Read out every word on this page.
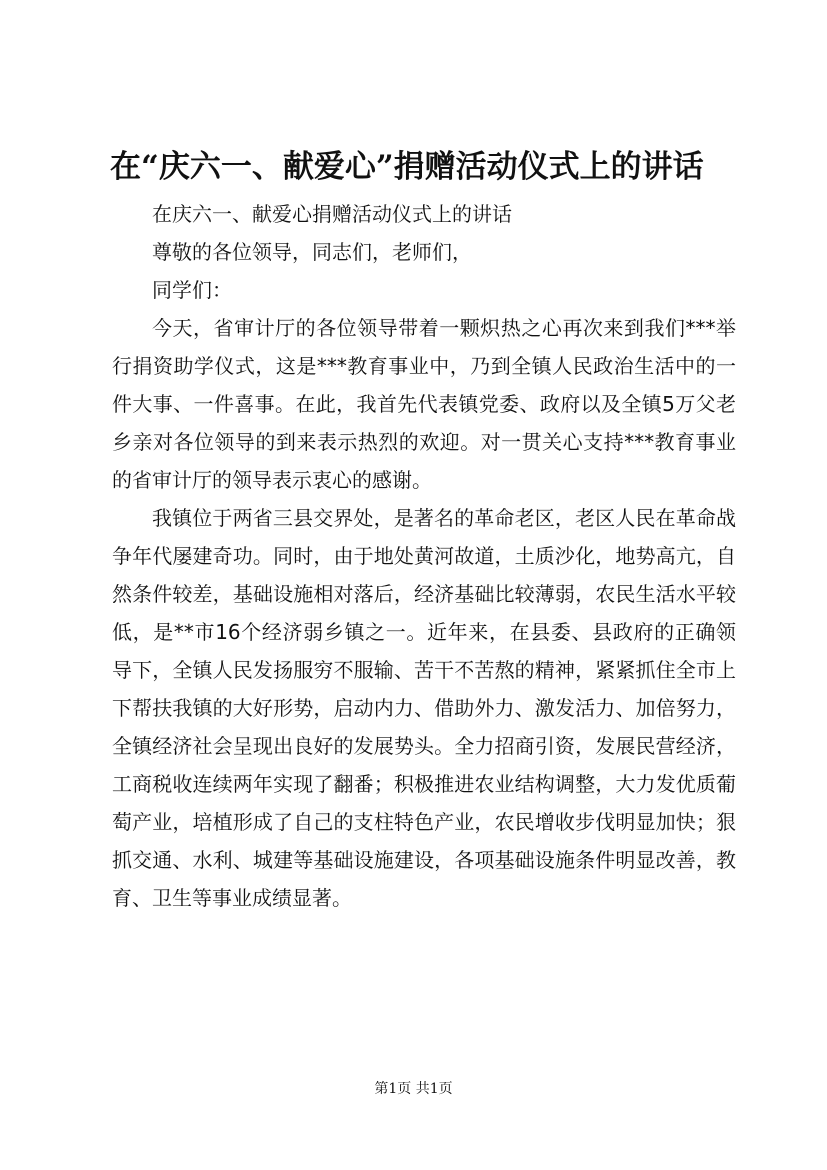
在“庆六一、献爱心”捐赠活动仪式上的讲话

在庆六一、献爱心捐赠活动仪式上的讲话

尊敬的各位领导，同志们，老师们，

同学们：

今天，省审计厅的各位领导带着一颗炽热之心再次来到我们***举行捐资助学仪式，这是***教育事业中，乃到全镇人民政治生活中的一件大事、一件喜事。在此，我首先代表镇党委、政府以及全镇5万父老乡亲对各位领导的到来表示热烈的欢迎。对一贯关心支持***教育事业的省审计厅的领导表示衷心的感谢。

我镇位于两省三县交界处，是著名的革命老区，老区人民在革命战争年代屡建奇功。同时，由于地处黄河故道，土质沙化，地势高亢，自然条件较差，基础设施相对落后，经济基础比较薄弱，农民生活水平较低，是**市16个经济弱乡镇之一。近年来，在县委、县政府的正确领导下，全镇人民发扬服穷不服输、苦干不苦熬的精神，紧紧抓住全市上下帮扶我镇的大好形势，启动内力、借助外力、激发活力、加倍努力，全镇经济社会呈现出良好的发展势头。全力招商引资，发展民营经济，工商税收连续两年实现了翻番；积极推进农业结构调整，大力发优质葡萄产业，培植形成了自己的支柱特色产业，农民增收步伐明显加快；狠抓交通、水利、城建等基础设施建设，各项基础设施条件明显改善，教育、卫生等事业成绩显著。

第1页 共1页
